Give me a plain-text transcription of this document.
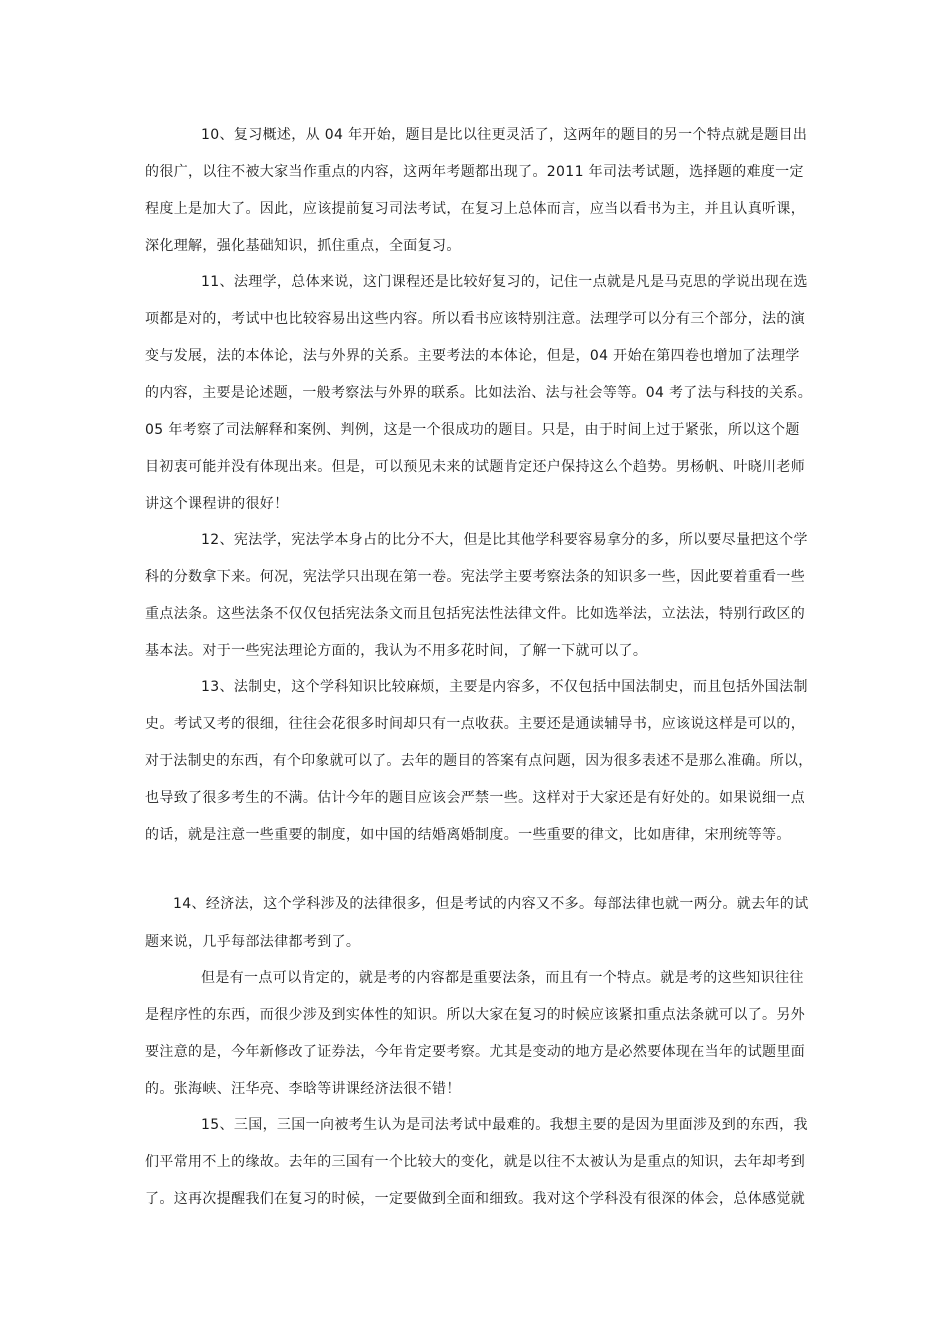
10、复习概述，从 04 年开始，题目是比以往更灵活了，这两年的题目的另一个特点就是题目出
的很广，以往不被大家当作重点的内容，这两年考题都出现了。2011 年司法考试题，选择题的难度一定
程度上是加大了。因此，应该提前复习司法考试，在复习上总体而言，应当以看书为主，并且认真听课，
深化理解，强化基础知识，抓住重点，全面复习。
11、法理学，总体来说，这门课程还是比较好复习的，记住一点就是凡是马克思的学说出现在选
项都是对的，考试中也比较容易出这些内容。所以看书应该特别注意。法理学可以分有三个部分，法的演
变与发展，法的本体论，法与外界的关系。主要考法的本体论，但是，04 开始在第四卷也增加了法理学
的内容，主要是论述题，一般考察法与外界的联系。比如法治、法与社会等等。04 考了法与科技的关系。
05 年考察了司法解释和案例、判例，这是一个很成功的题目。只是，由于时间上过于紧张，所以这个题
目初衷可能并没有体现出来。但是，可以预见未来的试题肯定还户保持这么个趋势。男杨帆、叶晓川老师
讲这个课程讲的很好！
12、宪法学，宪法学本身占的比分不大，但是比其他学科要容易拿分的多，所以要尽量把这个学
科的分数拿下来。何况，宪法学只出现在第一卷。宪法学主要考察法条的知识多一些，因此要着重看一些
重点法条。这些法条不仅仅包括宪法条文而且包括宪法性法律文件。比如选举法，立法法，特别行政区的
基本法。对于一些宪法理论方面的，我认为不用多花时间，了解一下就可以了。
13、法制史，这个学科知识比较麻烦，主要是内容多，不仅包括中国法制史，而且包括外国法制
史。考试又考的很细，往往会花很多时间却只有一点收获。主要还是通读辅导书，应该说这样是可以的，
对于法制史的东西，有个印象就可以了。去年的题目的答案有点问题，因为很多表述不是那么准确。所以，
也导致了很多考生的不满。估计今年的题目应该会严禁一些。这样对于大家还是有好处的。如果说细一点
的话，就是注意一些重要的制度，如中国的结婚离婚制度。一些重要的律文，比如唐律，宋刑统等等。
14、经济法，这个学科涉及的法律很多，但是考试的内容又不多。每部法律也就一两分。就去年的试
题来说，几乎每部法律都考到了。
但是有一点可以肯定的，就是考的内容都是重要法条，而且有一个特点。就是考的这些知识往往
是程序性的东西，而很少涉及到实体性的知识。所以大家在复习的时候应该紧扣重点法条就可以了。另外
要注意的是，今年新修改了证券法，今年肯定要考察。尤其是变动的地方是必然要体现在当年的试题里面
的。张海峡、汪华亮、李晗等讲课经济法很不错！
15、三国，三国一向被考生认为是司法考试中最难的。我想主要的是因为里面涉及到的东西，我
们平常用不上的缘故。去年的三国有一个比较大的变化，就是以往不太被认为是重点的知识，去年却考到
了。这再次提醒我们在复习的时候，一定要做到全面和细致。我对这个学科没有很深的体会，总体感觉就
